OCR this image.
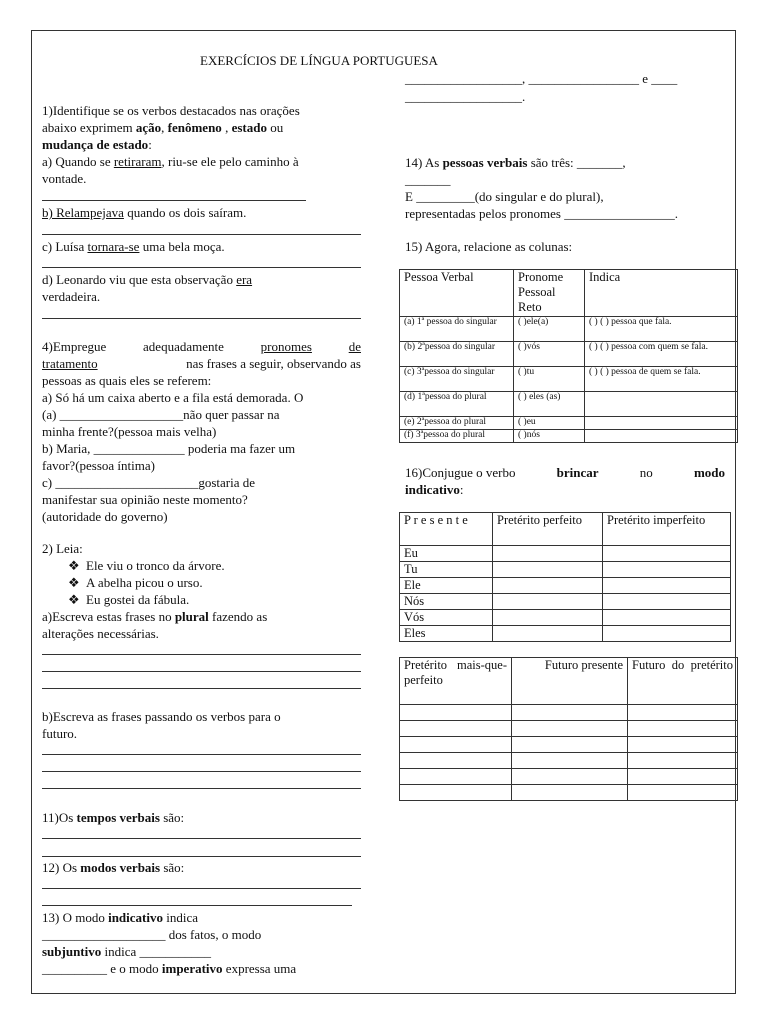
EXERCÍCIOS DE LÍNGUA PORTUGUESA
1)Identifique se os verbos destacados nas orações
abaixo exprimem ação, fenômeno , estado ou
mudança de estado:
a) Quando se retiraram, riu-se ele pelo caminho à
vontade.
b) Relampejava quando os dois saíram.
c) Luísa tornara-se uma bela moça.
d) Leonardo viu que esta observação era
verdadeira.
4)Empregue	adequadamente	pronomes	de
tratamento	nas frases a seguir, observando as
pessoas as quais eles se referem:
a) Só há um caixa aberto e a fila está demorada. O
(a) ___________________não quer passar na
minha frente?(pessoa mais velha)
b) Maria, ______________ poderia ma fazer um
favor?(pessoa íntima)
c) ______________________gostaria de
manifestar sua opinião neste momento?
(autoridade do governo)
2) Leia:
❖ Ele viu o tronco da árvore.
❖ A abelha picou o urso.
❖ Eu gostei da fábula.
a)Escreva estas frases no plural fazendo as
alterações necessárias.
b)Escreva as frases passando os verbos para o
futuro.
11)Os tempos verbais são:
12) Os modos verbais são:
13) O modo indicativo indica
___________________ dos fatos, o modo
subjuntivo indica ___________
__________ e o modo imperativo expressa uma
__________________, _________________ e ____
__________________.
14) As pessoas verbais são três: _______,
_______
E _________(do singular e do plural),
representadas pelos pronomes _________________.
15) Agora, relacione as colunas:
Pessoa Verbal	Pronome Pessoal Reto	Indica
(a) 1ª pessoa do singular	( )ele(a)	( ) ( ) pessoa que fala.
(b) 2ªpessoa do singular	( )vós	( ) ( ) pessoa com quem se fala.
(c) 3ªpessoa do singular	( )tu	( ) ( ) pessoa de quem se fala.
(d) 1ªpessoa do plural	( ) eles (as)	
(e) 2ªpessoa do plural	( )eu	
(f) 3ªpessoa do plural	( )nós	
16)Conjugue o verbo	brincar	no	modo
indicativo:
P r e s e n t e	Pretérito perfeito	Pretérito imperfeito
Eu		
Tu		
Ele		
Nós		
Vós		
Eles		
Pretérito mais-que-perfeito	Futuro presente	Futuro do pretérito
